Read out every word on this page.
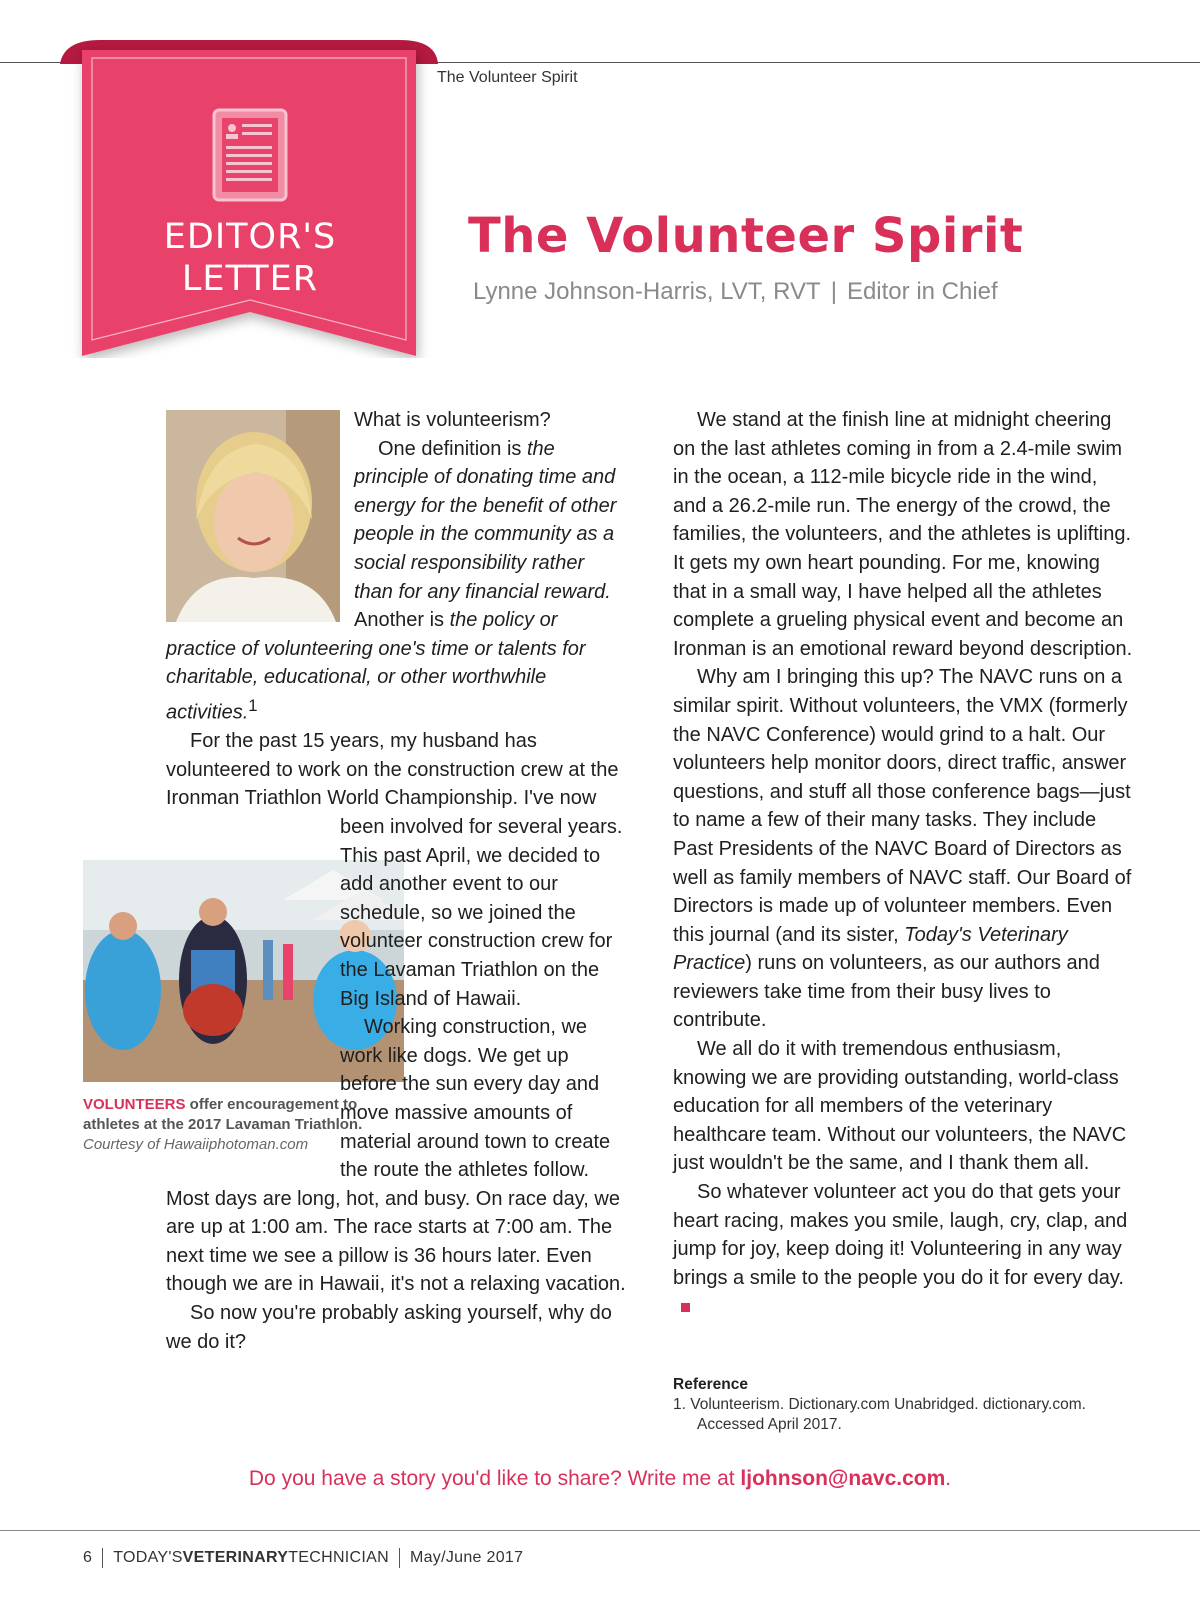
EDITOR'S
LETTER
The Volunteer Spirit
The Volunteer Spirit
Lynne Johnson-Harris, LVT, RVT | Editor in Chief
VOLUNTEERS offer encouragement to athletes at the 2017 Lavaman Triathlon.
Courtesy of Hawaiiphotoman.com

What is volunteerism?

One definition is the principle of donating time and energy for the benefit of other people in the community as a social responsibility rather than for any financial reward. Another is the policy or practice of volunteering one's time or talents for charitable, educational, or other worthwhile activities.$^1$

For the past 15 years, my husband has volunteered to work on the construction crew at the Ironman Triathlon World Championship. I've now been involved for several years. This past April, we decided to add another event to our schedule, so we joined the volunteer construction crew for the Lavaman Triathlon on the Big Island of Hawaii.

Working construction, we work like dogs. We get up before the sun every day and move massive amounts of material around town to create the route the athletes follow. Most days are long, hot, and busy. On race day, we are up at 1:00 am. The race starts at 7:00 am. The next time we see a pillow is 36 hours later. Even though we are in Hawaii, it's not a relaxing vacation.

So now you're probably asking yourself, why do we do it?

We stand at the finish line at midnight cheering on the last athletes coming in from a 2.4-mile swim in the ocean, a 112-mile bicycle ride in the wind, and a 26.2-mile run. The energy of the crowd, the families, the volunteers, and the athletes is uplifting. It gets my own heart pounding. For me, knowing that in a small way, I have helped all the athletes complete a grueling physical event and become an Ironman is an emotional reward beyond description.

Why am I bringing this up? The NAVC runs on a similar spirit. Without volunteers, the VMX (formerly the NAVC Conference) would grind to a halt. Our volunteers help monitor doors, direct traffic, answer questions, and stuff all those conference bags—just to name a few of their many tasks. They include Past Presidents of the NAVC Board of Directors as well as family members of NAVC staff. Our Board of Directors is made up of volunteer members. Even this journal (and its sister, Today's Veterinary Practice) runs on volunteers, as our authors and reviewers take time from their busy lives to contribute.

We all do it with tremendous enthusiasm, knowing we are providing outstanding, world-class education for all members of the veterinary healthcare team. Without our volunteers, the NAVC just wouldn't be the same, and I thank them all.

So whatever volunteer act you do that gets your heart racing, makes you smile, laugh, cry, clap, and jump for joy, keep doing it! Volunteering in any way brings a smile to the people you do it for every day.

Reference
1. Volunteerism. Dictionary.com Unabridged. dictionary.com. Accessed April 2017.
Do you have a story you'd like to share? Write me at ljohnson@navc.com.
6 TODAY'SVETERINARYTECHNICIAN May/June 2017
